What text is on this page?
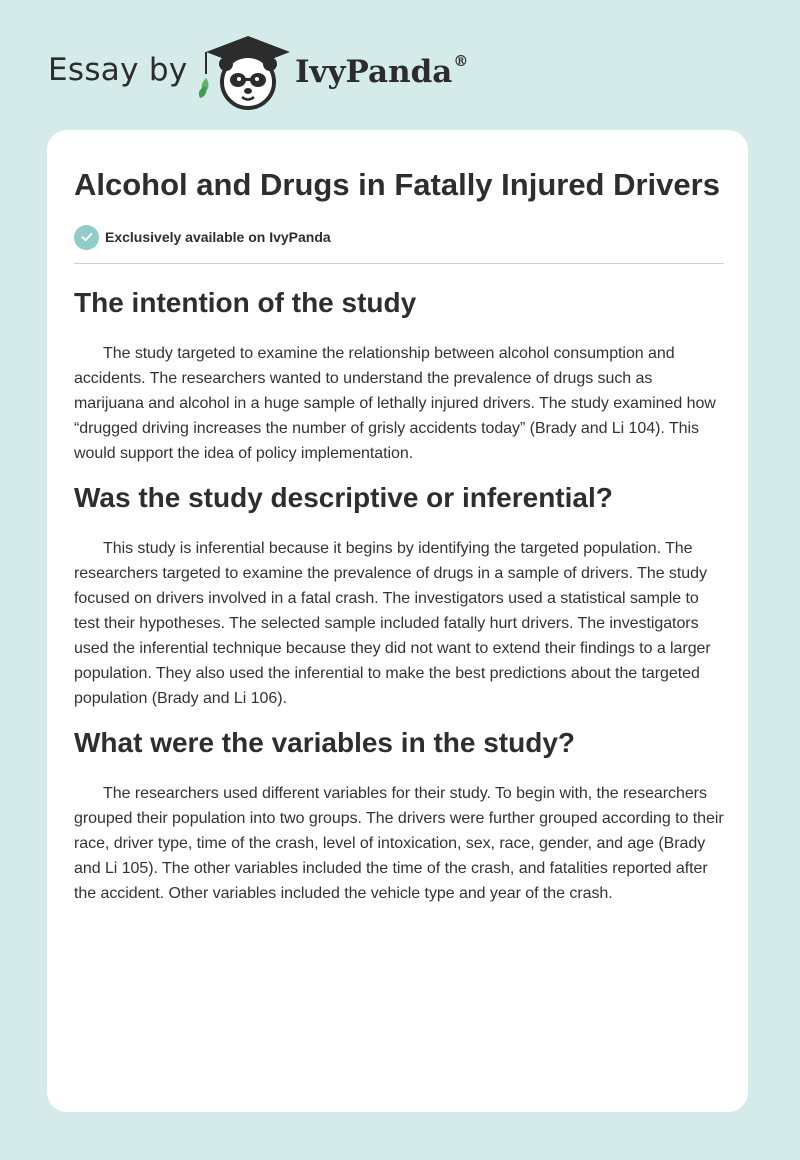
Essay by	IvyPanda®
Alcohol and Drugs in Fatally Injured Drivers
Exclusively available on IvyPanda
The intention of the study

The study targeted to examine the relationship between alcohol consumption and accidents. The researchers wanted to understand the prevalence of drugs such as marijuana and alcohol in a huge sample of lethally injured drivers. The study examined how “drugged driving increases the number of grisly accidents today” (Brady and Li 104). This would support the idea of policy implementation.

Was the study descriptive or inferential?

This study is inferential because it begins by identifying the targeted population. The researchers targeted to examine the prevalence of drugs in a sample of drivers. The study focused on drivers involved in a fatal crash. The investigators used a statistical sample to test their hypotheses. The selected sample included fatally hurt drivers. The investigators used the inferential technique because they did not want to extend their findings to a larger population. They also used the inferential to make the best predictions about the targeted population (Brady and Li 106).

What were the variables in the study?

The researchers used different variables for their study. To begin with, the researchers grouped their population into two groups. The drivers were further grouped according to their race, driver type, time of the crash, level of intoxication, sex, race, gender, and age (Brady and Li 105). The other variables included the time of the crash, and fatalities reported after the accident. Other variables included the vehicle type and year of the crash.
